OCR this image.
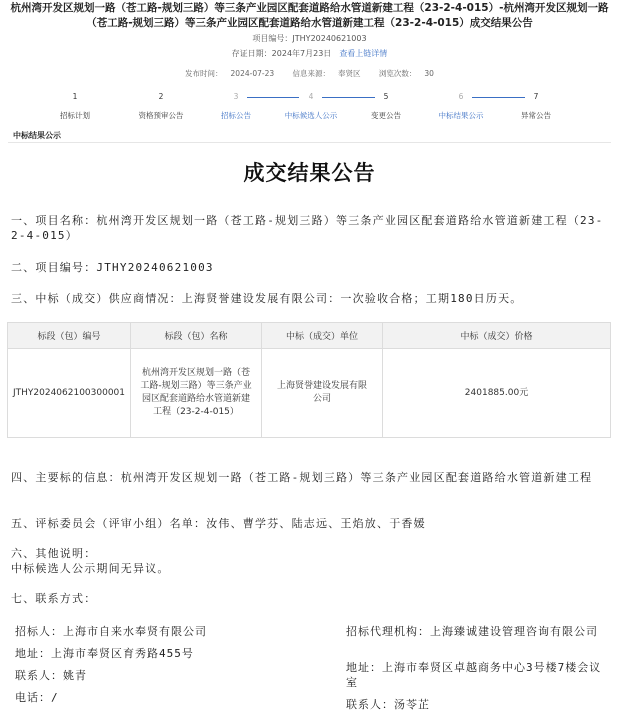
杭州湾开发区规划一路（苍工路-规划三路）等三条产业园区配套道路给水管道新建工程（23-2-4-015）-杭州湾开发区规划一路（苍工路-规划三路）等三条产业园区配套道路给水管道新建工程（23-2-4-015）成交结果公告
项目编号：JTHY20240621003
存证日期：2024年7月23日 查看上链详情
发布时间： 2024-07-23 信息来源： 奉贤区 浏览次数： 30
1
招标计划
2
资格预审公告
3
招标公告
4
中标候选人公示
5
变更公告
6
中标结果公示
7
异常公告
中标结果公示
成交结果公告
一、项目名称：杭州湾开发区规划一路（苍工路-规划三路）等三条产业园区配套道路给水管道新建工程（23-2-4-015）
二、项目编号：JTHY20240621003
三、中标（成交）供应商情况：上海贤誉建设发展有限公司：一次验收合格；工期180日历天。
标段（包）编号	标段（包）名称	中标（成交）单位	中标（成交）价格
JTHY2024062100300001	杭州湾开发区规划一路（苍工路-规划三路）等三条产业园区配套道路给水管道新建工程（23-2-4-015）	上海贤誉建设发展有限公司	2401885.00元
四、主要标的信息：杭州湾开发区规划一路（苍工路-规划三路）等三条产业园区配套道路给水管道新建工程
五、评标委员会（评审小组）名单：汝伟、曹学芬、陆志远、王焰放、于香媛
六、其他说明：
中标候选人公示期间无异议。
七、联系方式：
招标人：上海市自来水奉贤有限公司
地址：上海市奉贤区育秀路455号
联系人：姚青
电话：/
招标代理机构：上海臻诚建设管理咨询有限公司
地址：上海市奉贤区卓越商务中心3号楼7楼会议室
联系人：汤苓芷
